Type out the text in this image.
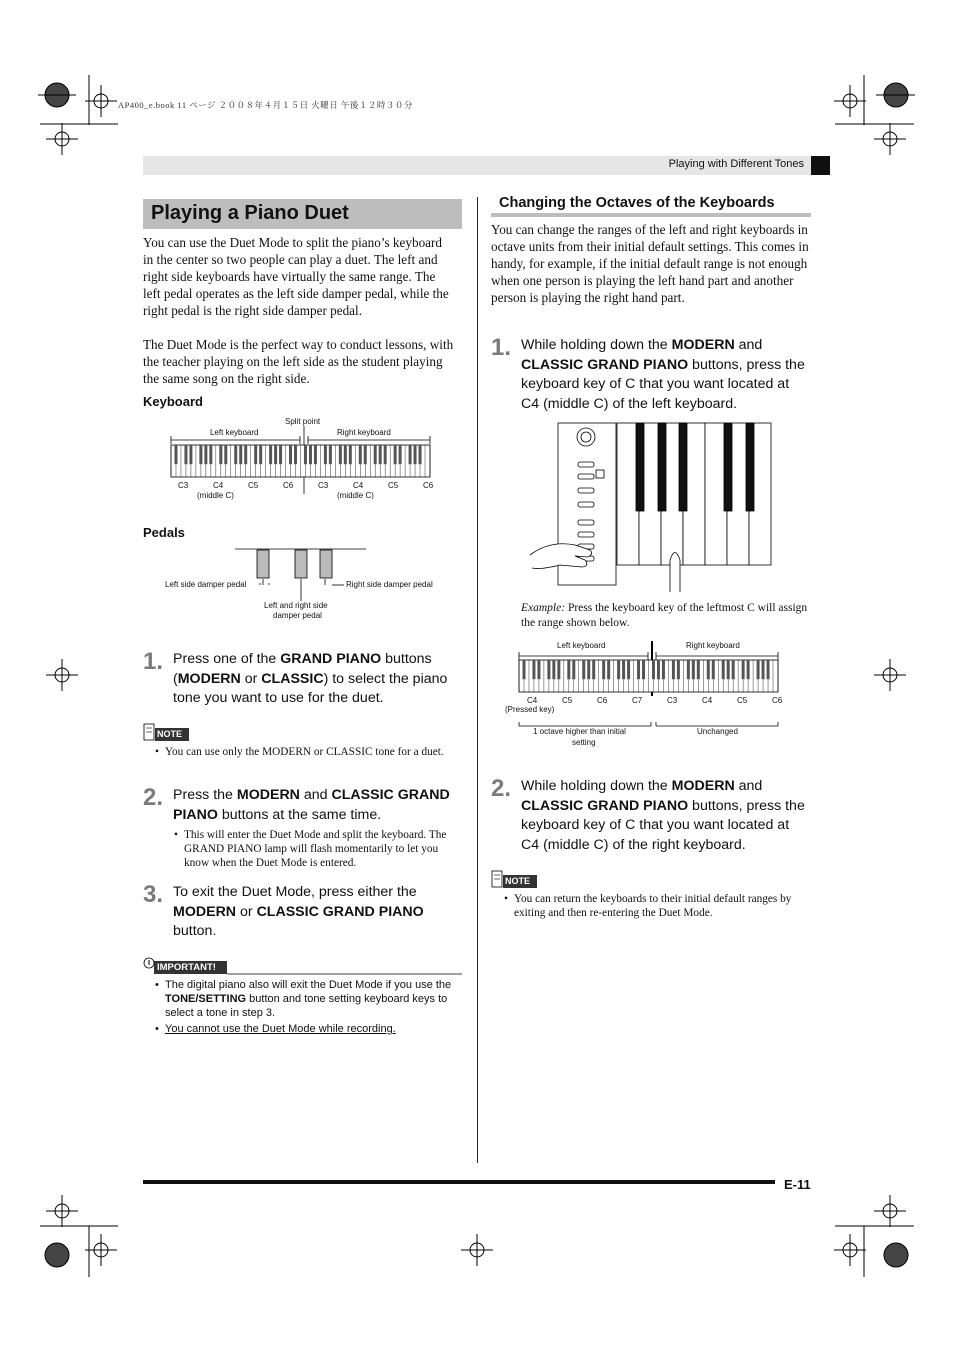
AP400_e.book 11 ページ ２００８年４月１５日 火曜日 午後１２時３０分
Playing with Different Tones
Playing a Piano Duet
You can use the Duet Mode to split the piano’s keyboard in the center so two people can play a duet. The left and right side keyboards have virtually the same range. The left pedal operates as the left side damper pedal, while the right pedal is the right side damper pedal.
The Duet Mode is the perfect way to conduct lessons, with the teacher playing on the left side as the student playing the same song on the right side.
Keyboard
Split point
Left keyboard	Right keyboard
C3	C4	C5	C6	C3	C4	C5	C6
(middle C)	(middle C)
Pedals
Left side damper pedal	Right side damper pedal
Left and right side
damper pedal
1. Press one of the GRAND PIANO buttons (MODERN or CLASSIC) to select the piano tone you want to use for the duet.
NOTE
• You can use only the MODERN or CLASSIC tone for a duet.
2. Press the MODERN and CLASSIC GRAND PIANO buttons at the same time.
• This will enter the Duet Mode and split the keyboard. The GRAND PIANO lamp will flash momentarily to let you know when the Duet Mode is entered.
3. To exit the Duet Mode, press either the MODERN or CLASSIC GRAND PIANO button.
IMPORTANT!
• The digital piano also will exit the Duet Mode if you use the TONE/SETTING button and tone setting keyboard keys to select a tone in step 3.
• You cannot use the Duet Mode while recording.
Changing the Octaves of the Keyboards
You can change the ranges of the left and right keyboards in octave units from their initial default settings. This comes in handy, for example, if the initial default range is not enough when one person is playing the left hand part and another person is playing the right hand part.
1. While holding down the MODERN and CLASSIC GRAND PIANO buttons, press the keyboard key of C that you want located at C4 (middle C) of the left keyboard.
Example: Press the keyboard key of the leftmost C will assign the range shown below.
Left keyboard	Right keyboard
C4	C5	C6	C7	C3	C4	C5	C6
(Pressed key)
1 octave higher than initial
setting
Unchanged
2. While holding down the MODERN and CLASSIC GRAND PIANO buttons, press the keyboard key of C that you want located at C4 (middle C) of the right keyboard.
NOTE
• You can return the keyboards to their initial default ranges by exiting and then re-entering the Duet Mode.
E-11
